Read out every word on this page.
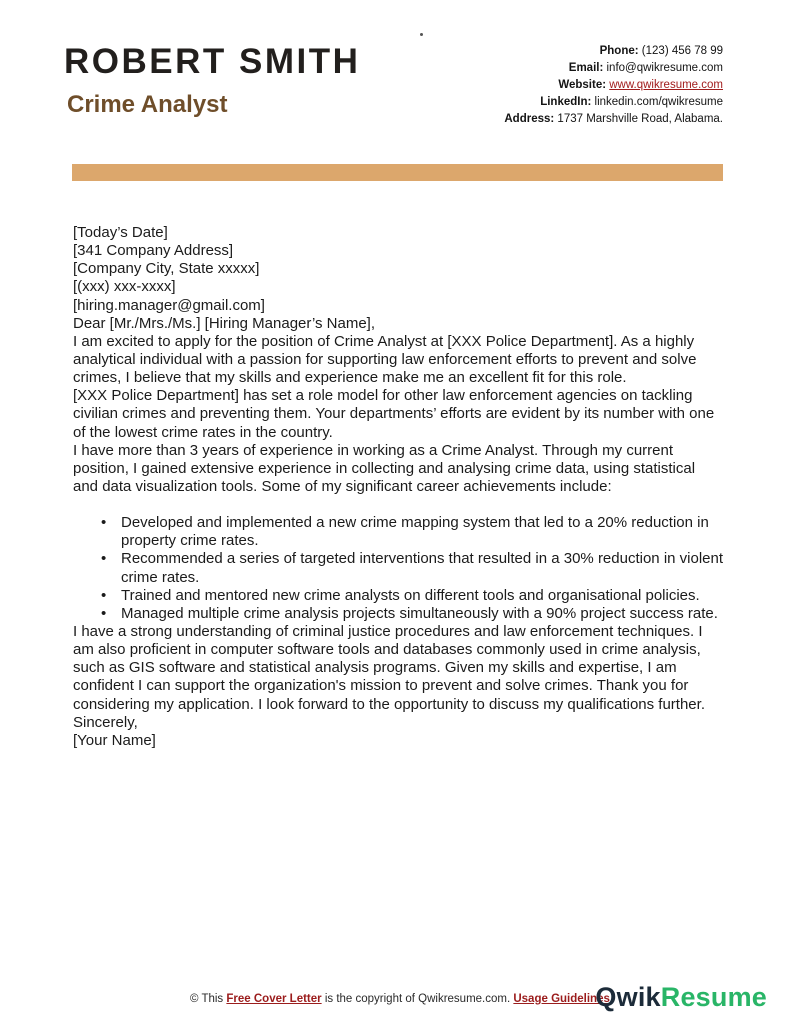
ROBERT SMITH
Crime Analyst
Phone: (123) 456 78 99
Email: info@qwikresume.com
Website: www.qwikresume.com
LinkedIn: linkedin.com/qwikresume
Address: 1737 Marshville Road, Alabama.

[Today’s Date]

[341 Company Address]
[Company City, State xxxxx]
[(xxx) xxx-xxxx]
[hiring.manager@gmail.com]

Dear [Mr./Mrs./Ms.] [Hiring Manager’s Name],

I am excited to apply for the position of Crime Analyst at [XXX Police Department]. As a highly analytical individual with a passion for supporting law enforcement efforts to prevent and solve crimes, I believe that my skills and experience make me an excellent fit for this role.

[XXX Police Department] has set a role model for other law enforcement agencies on tackling civilian crimes and preventing them. Your departments’ efforts are evident by its number with one of the lowest crime rates in the country.

I have more than 3 years of experience in working as a Crime Analyst. Through my current position, I gained extensive experience in collecting and analysing crime data, using statistical and data visualization tools. Some of my significant career achievements include:

• Developed and implemented a new crime mapping system that led to a 20% reduction in property crime rates.
• Recommended a series of targeted interventions that resulted in a 30% reduction in violent crime rates.
• Trained and mentored new crime analysts on different tools and organisational policies.
• Managed multiple crime analysis projects simultaneously with a 90% project success rate.

I have a strong understanding of criminal justice procedures and law enforcement techniques. I am also proficient in computer software tools and databases commonly used in crime analysis, such as GIS software and statistical analysis programs. Given my skills and expertise, I am confident I can support the organization's mission to prevent and solve crimes. Thank you for considering my application. I look forward to the opportunity to discuss my qualifications further.

Sincerely,
[Your Name]

© This Free Cover Letter is the copyright of Qwikresume.com. Usage Guidelines
QwikResume
